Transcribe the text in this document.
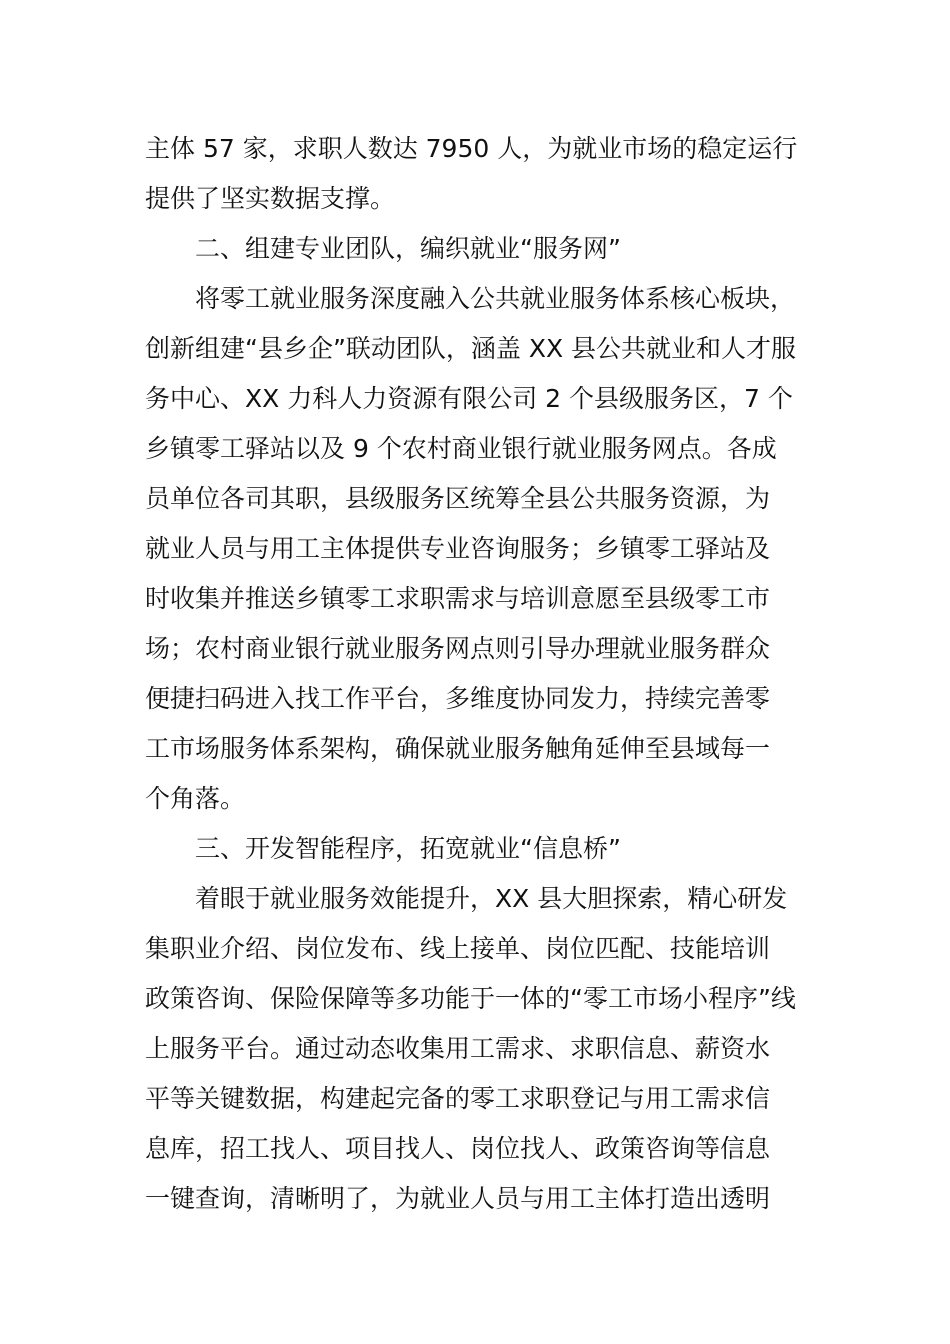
主体 57 家，求职人数达 7950 人，为就业市场的稳定运行
提供了坚实数据支撑。
二、组建专业团队，编织就业“服务网”
将零工就业服务深度融入公共就业服务体系核心板块，
创新组建“县乡企”联动团队，涵盖 XX 县公共就业和人才服
务中心、XX 力科人力资源有限公司 2 个县级服务区，7 个
乡镇零工驿站以及 9 个农村商业银行就业服务网点。各成
员单位各司其职，县级服务区统筹全县公共服务资源，为
就业人员与用工主体提供专业咨询服务；乡镇零工驿站及
时收集并推送乡镇零工求职需求与培训意愿至县级零工市
场；农村商业银行就业服务网点则引导办理就业服务群众
便捷扫码进入找工作平台，多维度协同发力，持续完善零
工市场服务体系架构，确保就业服务触角延伸至县域每一
个角落。
三、开发智能程序，拓宽就业“信息桥”
着眼于就业服务效能提升，XX 县大胆探索，精心研发
集职业介绍、岗位发布、线上接单、岗位匹配、技能培训
政策咨询、保险保障等多功能于一体的“零工市场小程序”线
上服务平台。通过动态收集用工需求、求职信息、薪资水
平等关键数据，构建起完备的零工求职登记与用工需求信
息库，招工找人、项目找人、岗位找人、政策咨询等信息
一键查询，清晰明了，为就业人员与用工主体打造出透明
